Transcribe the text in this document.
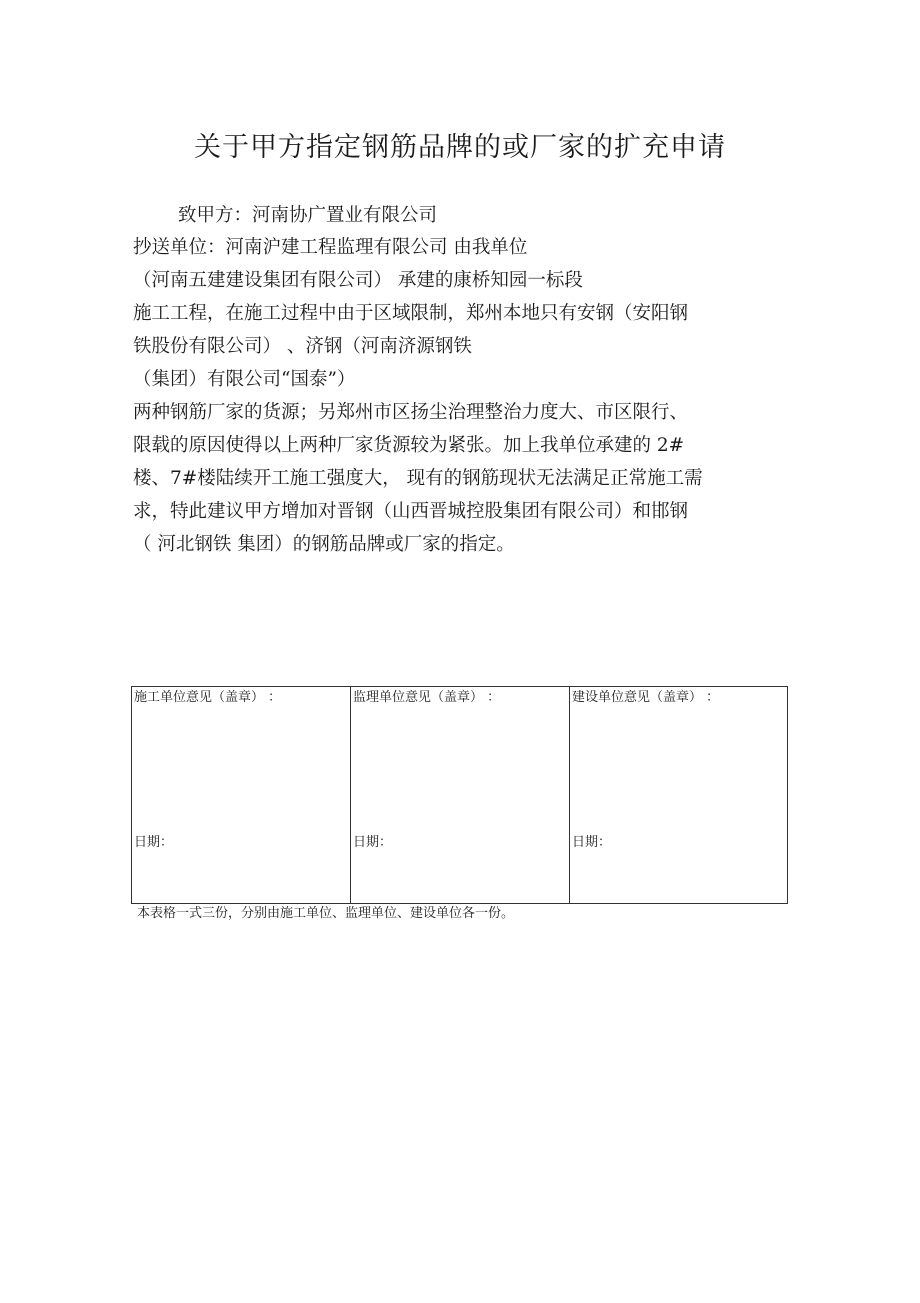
关于甲方指定钢筋品牌的或厂家的扩充申请
致甲方：河南协广置业有限公司
抄送单位：河南沪建工程监理有限公司 由我单位
（河南五建建设集团有限公司） 承建的康桥知园一标段
施工工程，在施工过程中由于区域限制，郑州本地只有安钢（安阳钢
铁股份有限公司） 、济钢（河南济源钢铁
（集团）有限公司“国泰”）
两种钢筋厂家的货源；另郑州市区扬尘治理整治力度大、市区限行、
限载的原因使得以上两种厂家货源较为紧张。加上我单位承建的 2#
楼、7#楼陆续开工施工强度大， 现有的钢筋现状无法满足正常施工需
求，特此建议甲方增加对晋钢（山西晋城控股集团有限公司）和邯钢
（ 河北钢铁 集团）的钢筋品牌或厂家的指定。
施工单位意见（盖章） ：
日期：

监理单位意见（盖章） ：
日期：

建设单位意见（盖章） ：
日期：
本表格一式三份，分别由施工单位、监理单位、建设单位各一份。
